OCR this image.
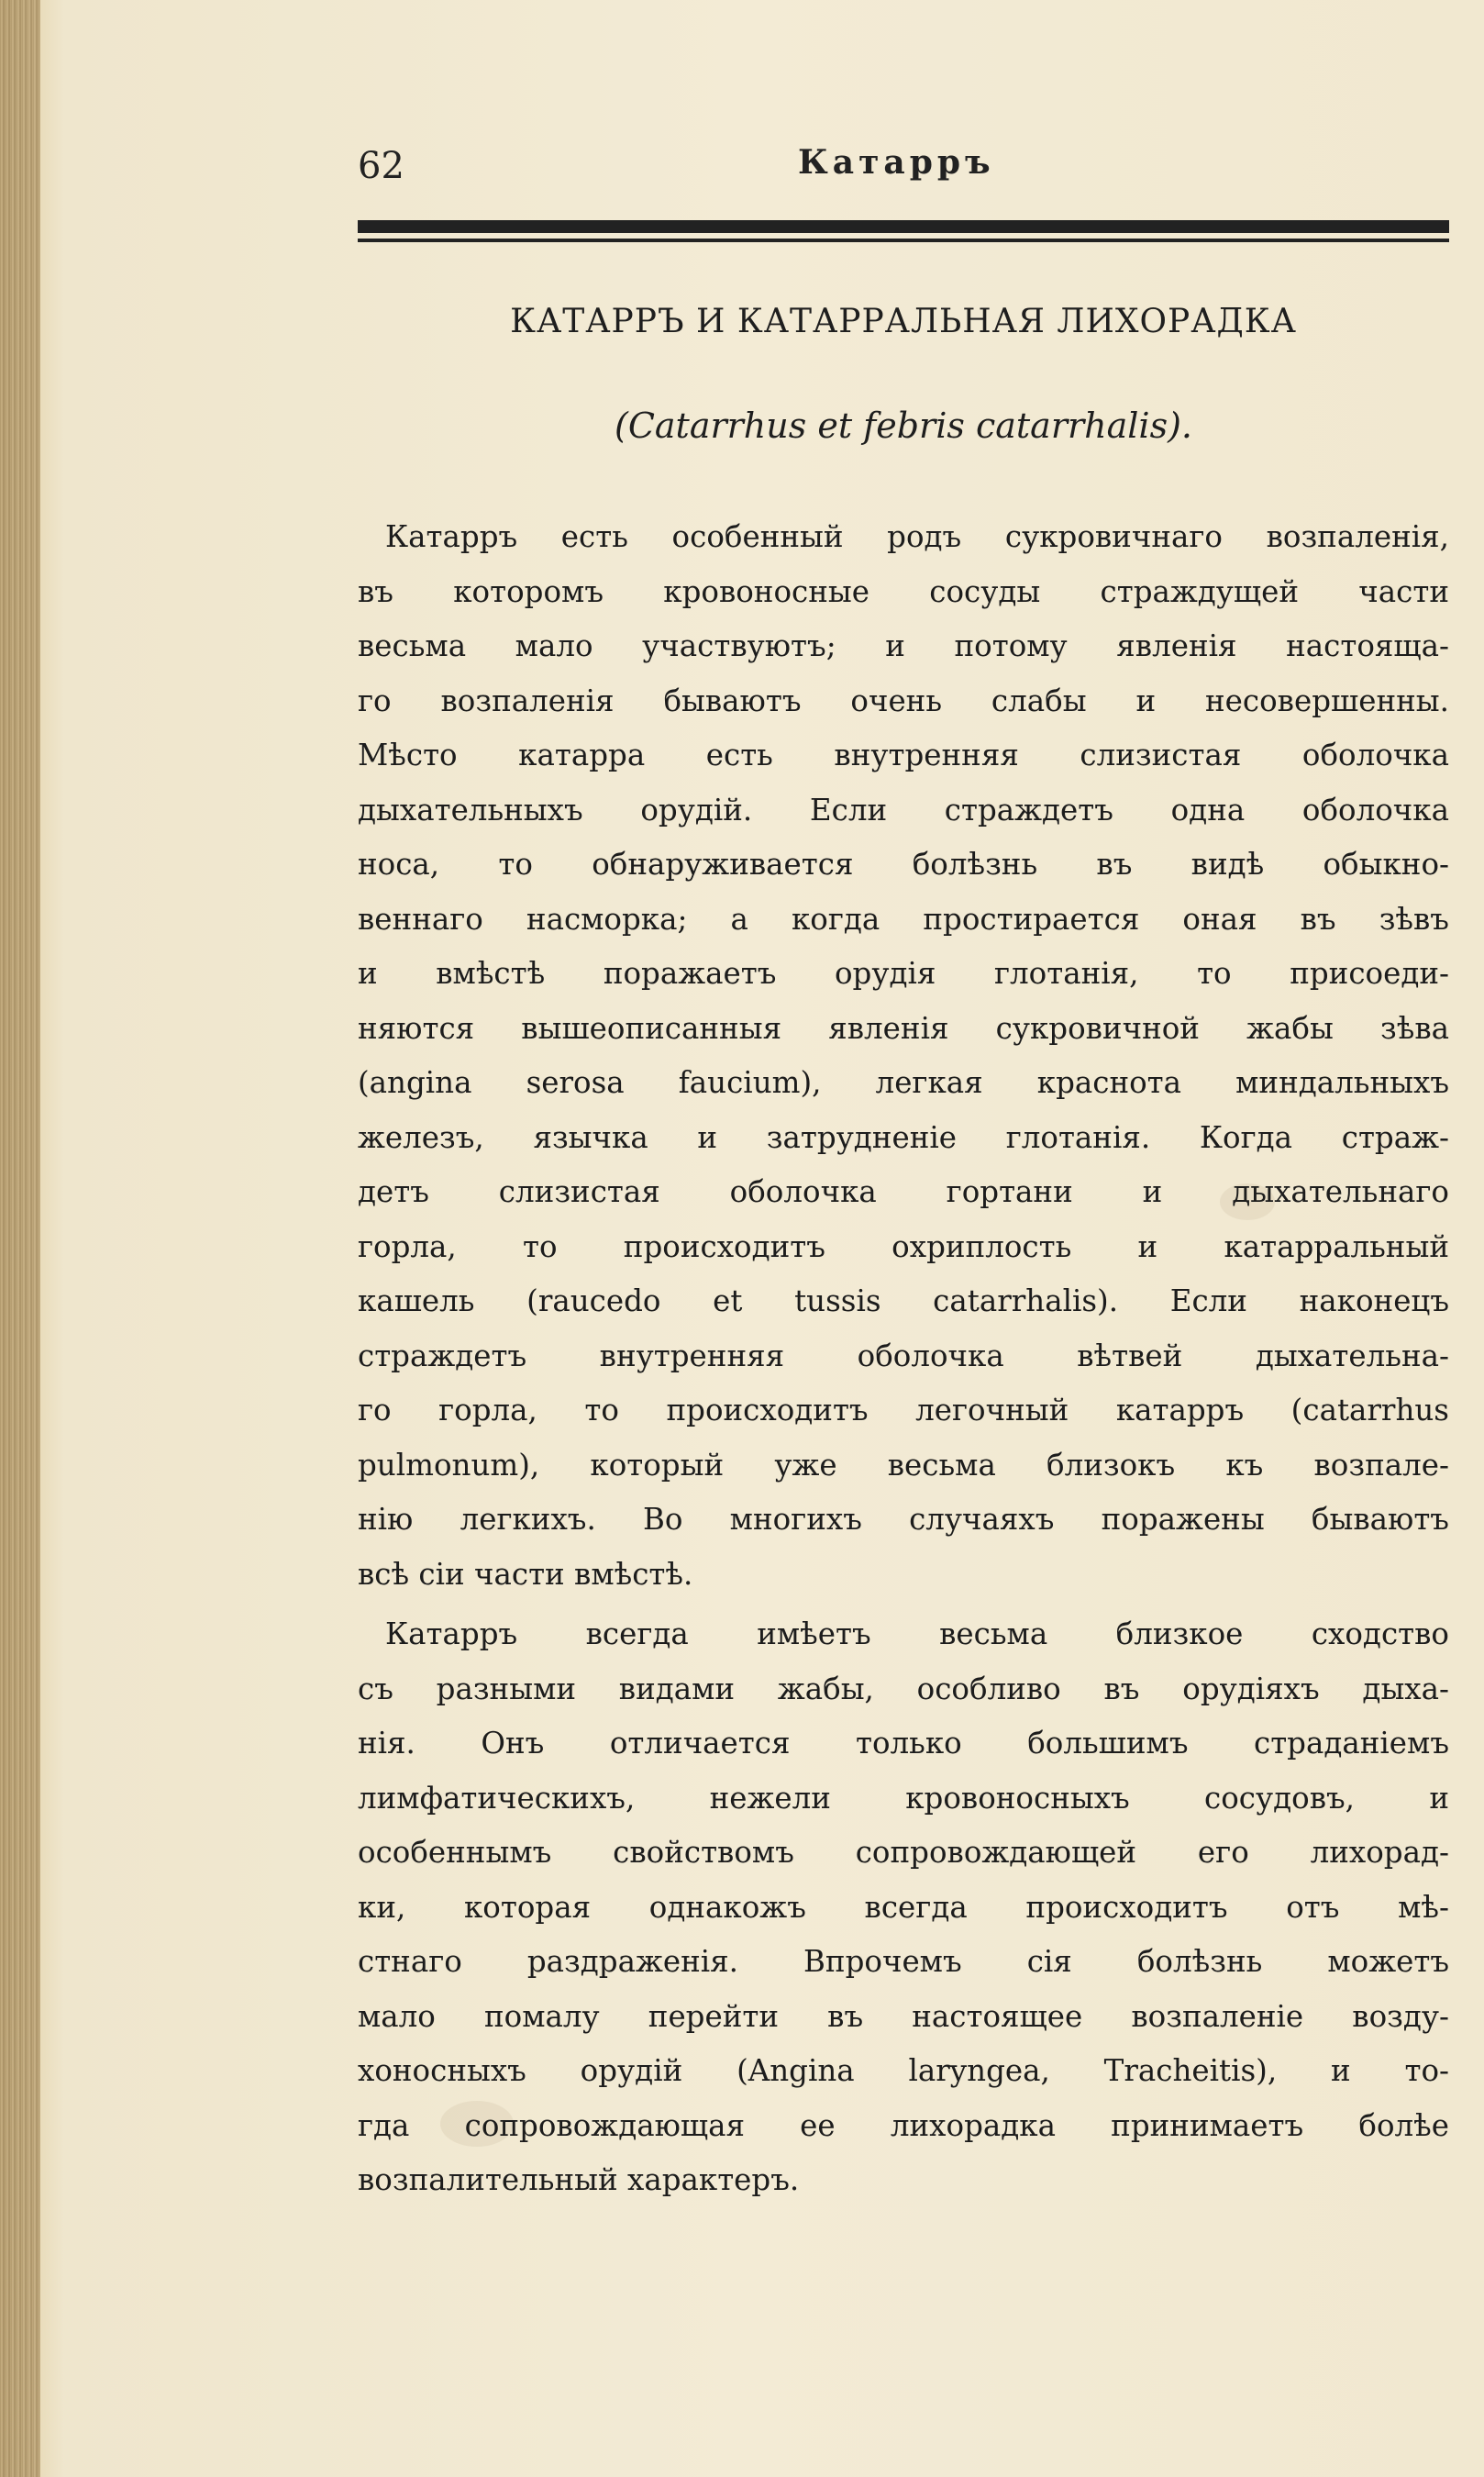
62	Катарръ
КАТАРРЪ И КАТАРРАЛЬНАЯ ЛИХОРАДКА
(Catarrhus et febris catarrhalis).
Катарръ есть особенный родъ сукровичнаго возпаленія,
въ которомъ кровоносные сосуды страждущей части
весьма мало участвуютъ; и потому явленія настояща-
го возпаленія бываютъ очень слабы и несовершенны.
Мѣсто катарра есть внутренняя слизистая оболочка
дыхательныхъ орудій. Если страждетъ одна оболочка
носа, то обнаруживается болѣзнь въ видѣ обыкно-
веннаго насморка; а когда простирается оная въ зѣвъ
и вмѣстѣ поражаетъ орудія глотанія, то присоеди-
няются вышеописанныя явленія сукровичной жабы зѣва
(angina serosa faucium), легкая краснота миндальныхъ
железъ, язычка и затрудненіе глотанія. Когда страж-
детъ слизистая оболочка гортани и дыхательнаго
горла, то происходитъ охриплость и катарральный
кашель (raucedo et tussis catarrhalis). Если наконецъ
страждетъ внутренняя оболочка вѣтвей дыхательна-
го горла, то происходитъ легочный катарръ (catarrhus
pulmonum), который уже весьма близокъ къ возпале-
нію легкихъ. Во многихъ случаяхъ поражены бываютъ
всѣ сіи части вмѣстѣ.
Катарръ всегда имѣетъ весьма близкое сходство
съ разными видами жабы, особливо въ орудіяхъ дыха-
нія. Онъ отличается только большимъ страданіемъ
лимфатическихъ, нежели кровоносныхъ сосудовъ, и
особеннымъ свойствомъ сопровождающей его лихорад-
ки, которая однакожъ всегда происходитъ отъ мѣ-
стнаго раздраженія. Впрочемъ сія болѣзнь можетъ
мало помалу перейти въ настоящее возпаленіе возду-
хоносныхъ орудій (Angina laryngea, Tracheitis), и то-
гда сопровождающая ее лихорадка принимаетъ болѣе
возпалительный характеръ.
